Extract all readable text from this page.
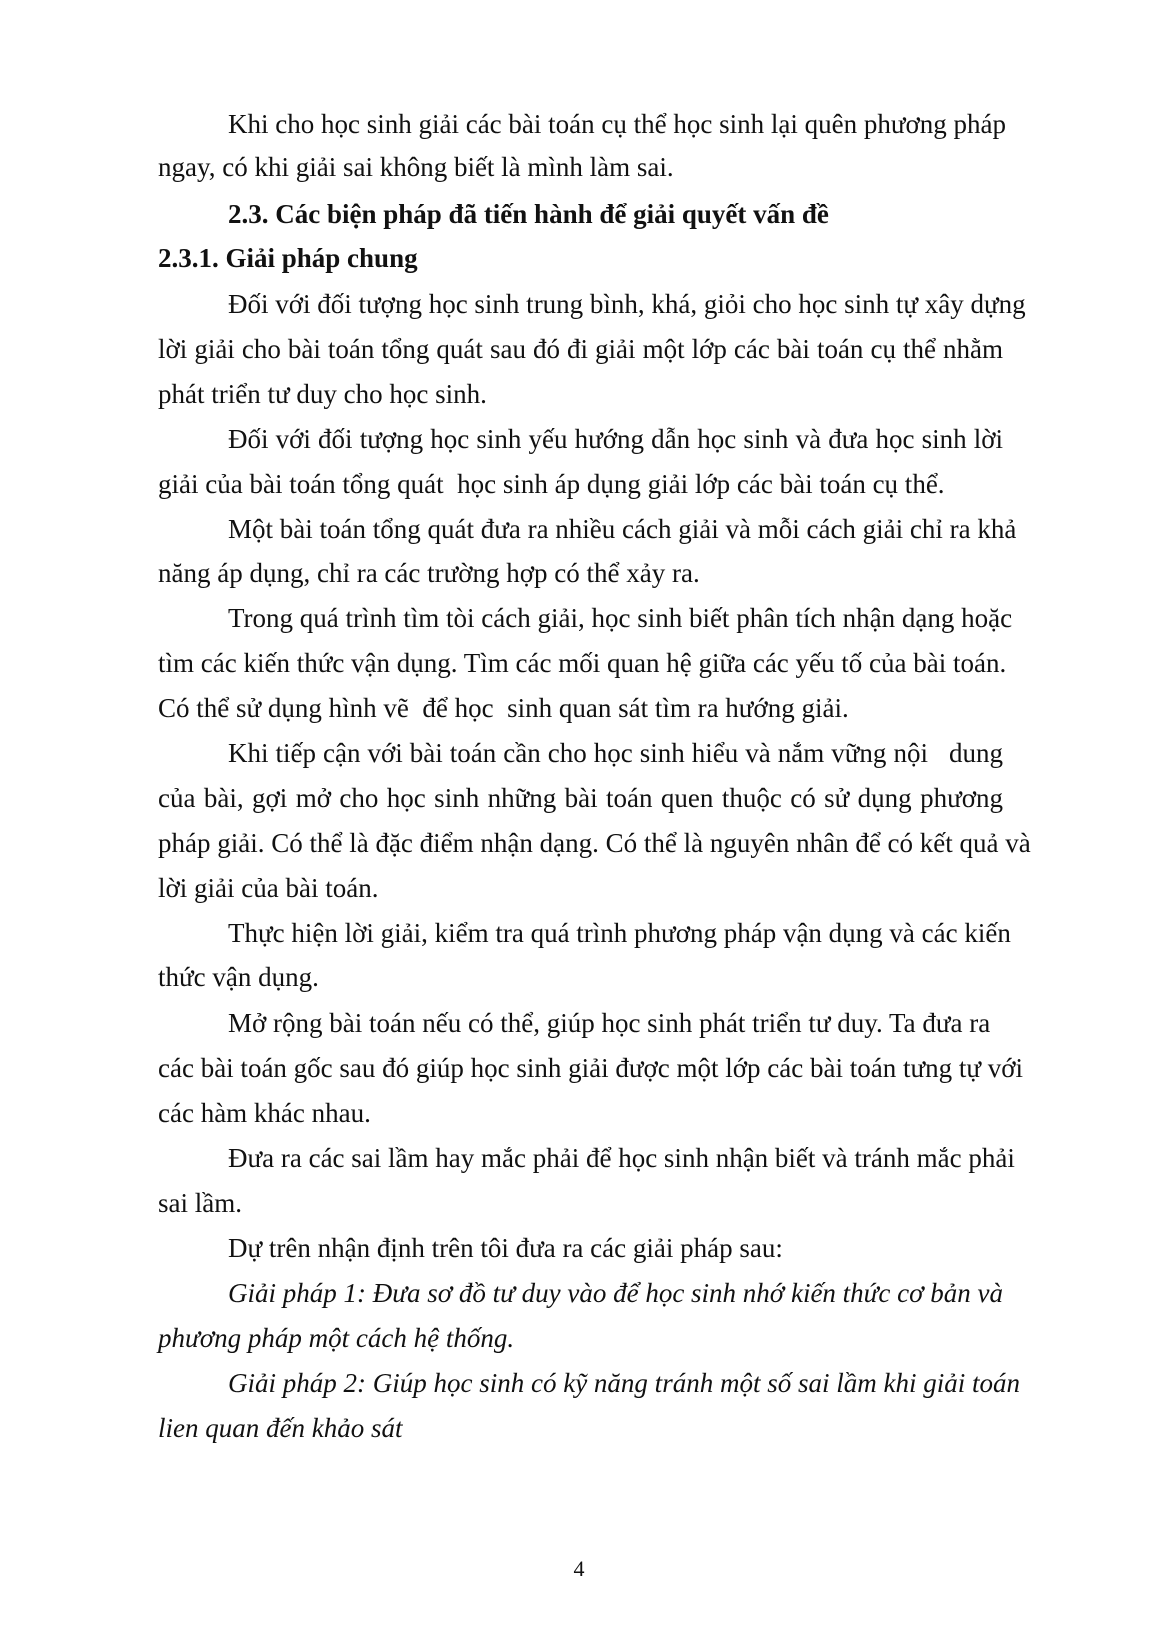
Khi cho học sinh giải các bài toán cụ thể học sinh lại quên phương pháp
ngay, có khi giải sai không biết là mình làm sai.
2.3. Các biện pháp đã tiến hành để giải quyết vấn đề
2.3.1. Giải pháp chung
Đối với đối tượng học sinh trung bình, khá, giỏi cho học sinh tự xây dựng
lời giải cho bài toán tổng quát sau đó đi giải một lớp các bài toán cụ thể nhằm
phát triển tư duy cho học sinh.
Đối với đối tượng học sinh yếu hướng dẫn học sinh và đưa học sinh lời
giải của bài toán tổng quát  học sinh áp dụng giải lớp các bài toán cụ thể.
Một bài toán tổng quát đưa ra nhiều cách giải và mỗi cách giải chỉ ra khả
năng áp dụng, chỉ ra các trường hợp có thể xảy ra.
Trong quá trình tìm tòi cách giải, học sinh biết phân tích nhận dạng hoặc
tìm các kiến thức vận dụng. Tìm các mối quan hệ giữa các yếu tố của bài toán.
Có thể sử dụng hình vẽ  để học  sinh quan sát tìm ra hướng giải.
Khi tiếp cận với bài toán cần cho học sinh hiểu và nắm vững nội   dung
của bài, gợi mở cho học sinh những bài toán quen thuộc có sử dụng phương
pháp giải. Có thể là đặc điểm nhận dạng. Có thể là nguyên nhân để có kết quả và
lời giải của bài toán.
Thực hiện lời giải, kiểm tra quá trình phương pháp vận dụng và các kiến
thức vận dụng.
Mở rộng bài toán nếu có thể, giúp học sinh phát triển tư duy. Ta đưa ra
các bài toán gốc sau đó giúp học sinh giải được một lớp các bài toán tưng tự với
các hàm khác nhau.
Đưa ra các sai lầm hay mắc phải để học sinh nhận biết và tránh mắc phải
sai lầm.
Dự trên nhận định trên tôi đưa ra các giải pháp sau:
Giải pháp 1: Đưa sơ đồ tư duy vào để học sinh nhớ kiến thức cơ bản và
phương pháp một cách hệ thống.
Giải pháp 2: Giúp học sinh có kỹ năng tránh một số sai lầm khi giải toán
lien quan đến khảo sát
4
